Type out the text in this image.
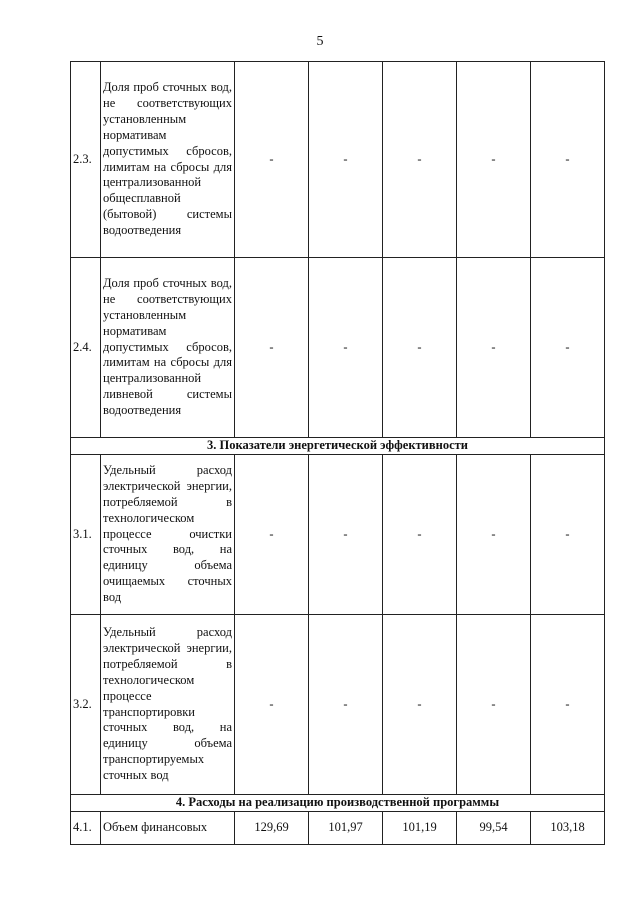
5
2.3.	Доля проб сточных вод, не соответствующих установленным нормативам допустимых сбросов, лимитам на сбросы для централизованной общесплавной (бытовой) системы водоотведения	-	-	-	-	-
2.4.	Доля проб сточных вод, не соответствующих установленным нормативам допустимых сбросов, лимитам на сбросы для централизованной ливневой системы водоотведения	-	-	-	-	-
3. Показатели энергетической эффективности						
3.1.	Удельный расход электрической энергии, потребляемой в технологическом процессе очистки сточных вод, на единицу объема очищаемых сточных вод	-	-	-	-	-
3.2.	Удельный расход электрической энергии, потребляемой в технологическом процессе транспортировки сточных вод, на единицу объема транспортируемых сточных вод	-	-	-	-	-
4. Расходы на реализацию производственной программы						
4.1.	Объем финансовых	129,69	101,97	101,19	99,54	103,18
